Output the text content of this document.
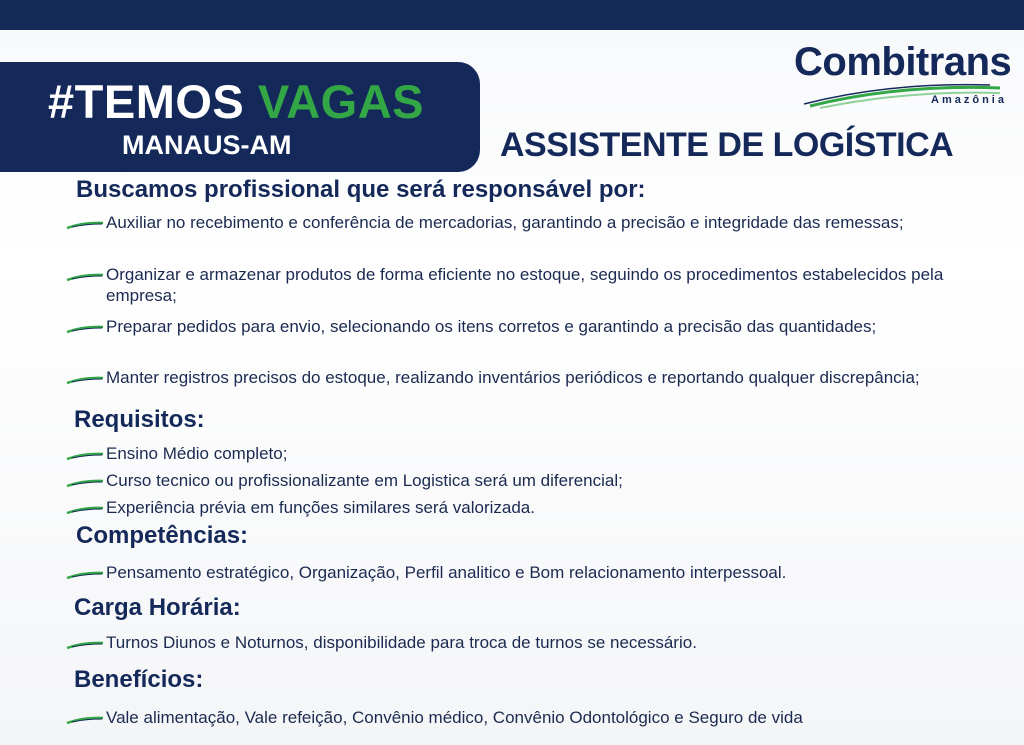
#TEMOS VAGAS
MANAUS-AM
Combitrans
Amazônia
ASSISTENTE DE LOGÍSTICA
Buscamos profissional que será responsável por:
Auxiliar no recebimento e conferência de mercadorias, garantindo a precisão e integridade das remessas;
Organizar e armazenar produtos de forma eficiente no estoque, seguindo os procedimentos estabelecidos pela empresa;
Preparar pedidos para envio, selecionando os itens corretos e garantindo a precisão das quantidades;
Manter registros precisos do estoque, realizando inventários periódicos e reportando qualquer discrepância;
Requisitos:
Ensino Médio completo;
Curso tecnico ou profissionalizante em Logistica será um diferencial;
Experiência prévia em funções similares será valorizada.
Competências:
Pensamento estratégico, Organização, Perfil analitico e Bom relacionamento interpessoal.
Carga Horária:
Turnos Diunos e Noturnos, disponibilidade para troca de turnos se necessário.
Benefícios:
Vale alimentação, Vale refeição, Convênio médico, Convênio Odontológico e Seguro de vida
